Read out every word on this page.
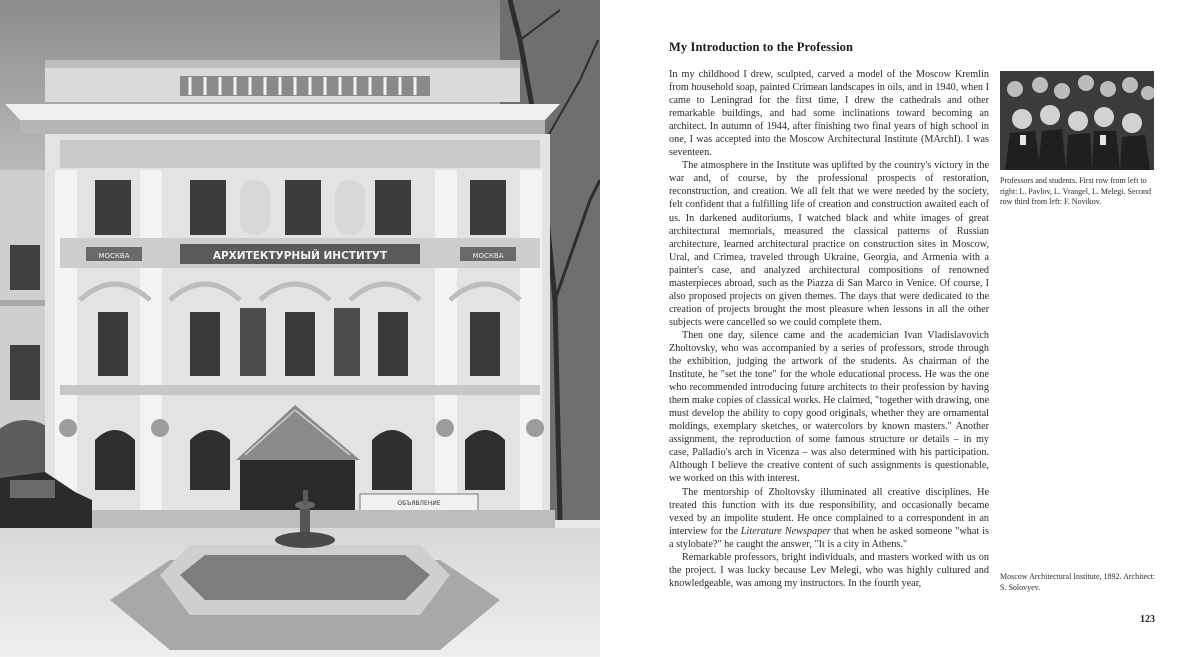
АРХИТЕКТУРНЫЙ ИНСТИТУТ
МОСКВА	МОСКВА
ОБЪЯВЛЕНИЕ
My Introduction to the Profession

In my childhood I drew, sculpted, carved a model of the Moscow Kremlin from household soap, painted Crimean landscapes in oils, and in 1940, when I came to Leningrad for the first time, I drew the cathedrals and other remarkable buildings, and had some inclinations toward becoming an architect. In autumn of 1944, after finishing two final years of high school in one, I was accepted into the Moscow Architectural Institute (MArchI). I was seventeen.

The atmosphere in the Institute was uplifted by the country's victory in the war and, of course, by the professional prospects of restoration, reconstruction, and creation. We all felt that we were needed by the society, felt confident that a fulfilling life of creation and construction awaited each of us. In darkened auditoriums, I watched black and white images of great architectural memorials, measured the classical patterns of Russian architecture, learned architectural practice on construction sites in Moscow, Ural, and Crimea, traveled through Ukraine, Georgia, and Armenia with a painter's case, and analyzed architectural compositions of renowned masterpieces abroad, such as the Piazza di San Marco in Venice. Of course, I also proposed projects on given themes. The days that were dedicated to the creation of projects brought the most pleasure when lessons in all the other subjects were cancelled so we could complete them.

Then one day, silence came and the academician Ivan Vladislavovich Zholtovsky, who was accompanied by a series of professors, strode through the exhibition, judging the artwork of the students. As chairman of the Institute, he "set the tone" for the whole educational process. He was the one who recommended introducing future architects to their profession by having them make copies of classical works. He claimed, "together with drawing, one must develop the ability to copy good originals, whether they are ornamental moldings, exemplary sketches, or watercolors by known masters." Another assignment, the reproduction of some famous structure or details – in my case, Palladio's arch in Vicenza – was also determined with his participation. Although I believe the creative content of such assignments is questionable, we worked on this with interest.

The mentorship of Zholtovsky illuminated all creative disciplines. He treated this function with its due responsibility, and occasionally became vexed by an impolite student. He once complained to a correspondent in an interview for the Literature Newspaper that when he asked someone "what is a stylobate?" he caught the answer, "It is a city in Athens."

Remarkable professors, bright individuals, and masters worked with us on the project. I was lucky because Lev Melegi, who was highly cultured and knowledgeable, was among my instructors. In the fourth year,

Professors and students. First row from left to right: L. Pavlov, L. Vrangel, L. Melegi. Second row third from left: F. Novikov.
Moscow Architectural Institute, 1892. Architect: S. Solovyev.
123
